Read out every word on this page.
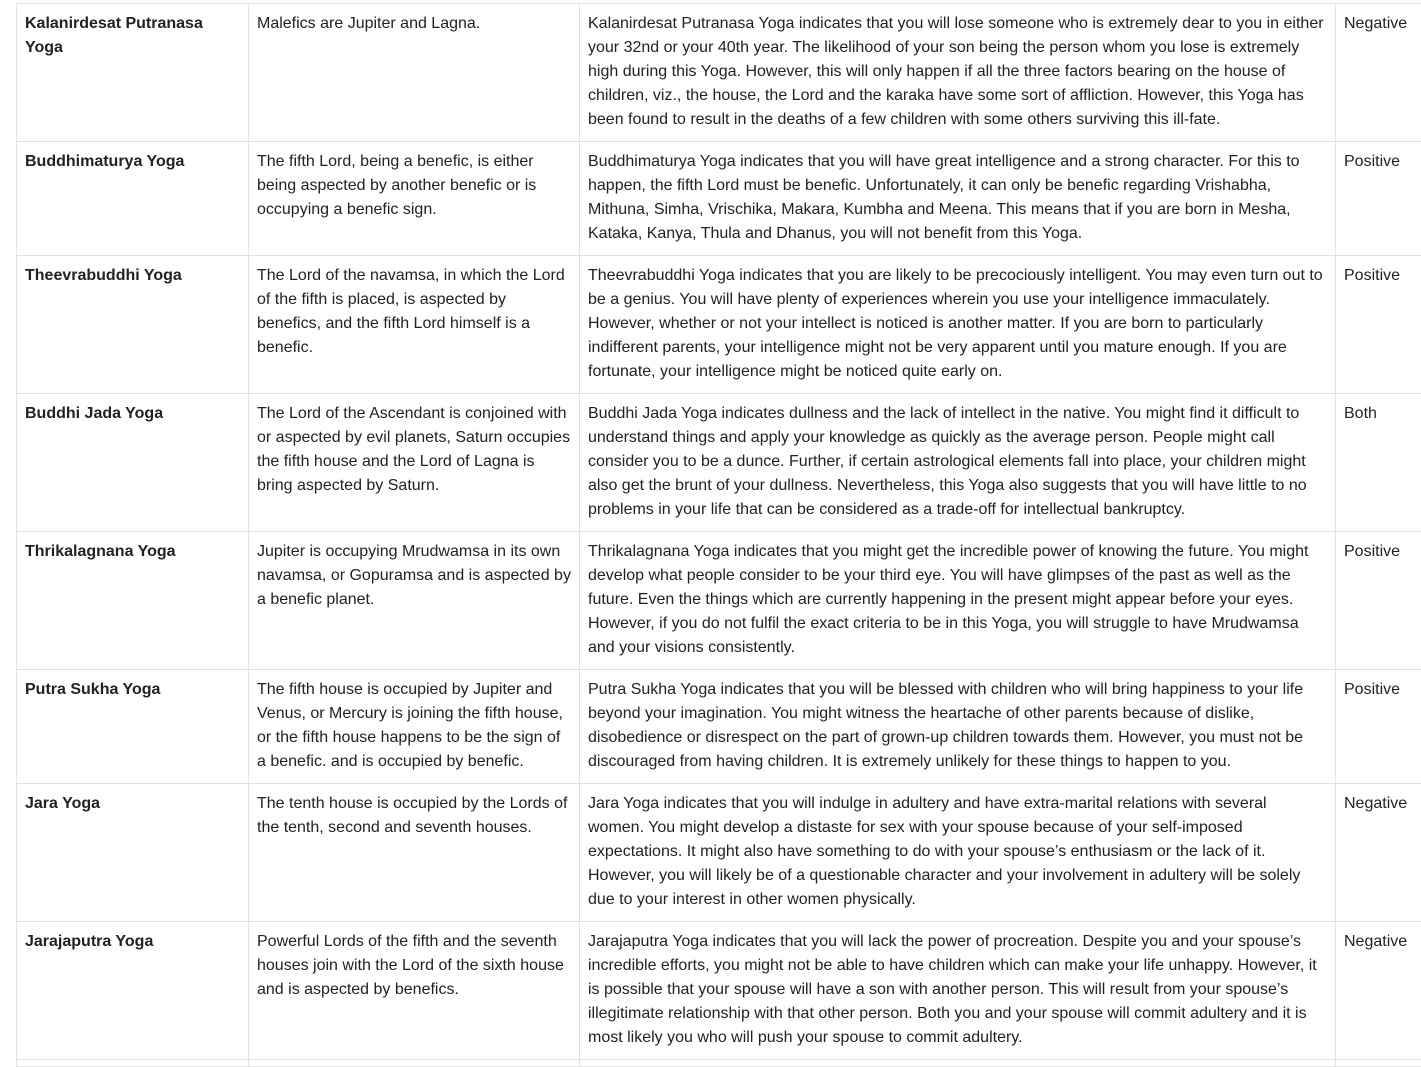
Kalanirdesat Putranasa Yoga	Malefics are Jupiter and Lagna.	Kalanirdesat Putranasa Yoga indicates that you will lose someone who is extremely dear to you in either your 32nd or your 40th year. The likelihood of your son being the person whom you lose is extremely high during this Yoga. However, this will only happen if all the three factors bearing on the house of children, viz., the house, the Lord and the karaka have some sort of affliction. However, this Yoga has been found to result in the deaths of a few children with some others surviving this ill-fate.	Negative
Buddhimaturya Yoga	The fifth Lord, being a benefic, is either being aspected by another benefic or is occupying a benefic sign.	Buddhimaturya Yoga indicates that you will have great intelligence and a strong character. For this to happen, the fifth Lord must be benefic. Unfortunately, it can only be benefic regarding Vrishabha, Mithuna, Simha, Vrischika, Makara, Kumbha and Meena. This means that if you are born in Mesha, Kataka, Kanya, Thula and Dhanus, you will not benefit from this Yoga.	Positive
Theevrabuddhi Yoga	The Lord of the navamsa, in which the Lord of the fifth is placed, is aspected by benefics, and the fifth Lord himself is a benefic.	Theevrabuddhi Yoga indicates that you are likely to be precociously intelligent. You may even turn out to be a genius. You will have plenty of experiences wherein you use your intelligence immaculately. However, whether or not your intellect is noticed is another matter. If you are born to particularly indifferent parents, your intelligence might not be very apparent until you mature enough. If you are fortunate, your intelligence might be noticed quite early on.	Positive
Buddhi Jada Yoga	The Lord of the Ascendant is conjoined with or aspected by evil planets, Saturn occupies the fifth house and the Lord of Lagna is bring aspected by Saturn.	Buddhi Jada Yoga indicates dullness and the lack of intellect in the native. You might find it difficult to understand things and apply your knowledge as quickly as the average person. People might call consider you to be a dunce. Further, if certain astrological elements fall into place, your children might also get the brunt of your dullness. Nevertheless, this Yoga also suggests that you will have little to no problems in your life that can be considered as a trade-off for intellectual bankruptcy.	Both
Thrikalagnana Yoga	Jupiter is occupying Mrudwamsa in its own navamsa, or Gopuramsa and is aspected by a benefic planet.	Thrikalagnana Yoga indicates that you might get the incredible power of knowing the future. You might develop what people consider to be your third eye. You will have glimpses of the past as well as the future. Even the things which are currently happening in the present might appear before your eyes. However, if you do not fulfil the exact criteria to be in this Yoga, you will struggle to have Mrudwamsa and your visions consistently.	Positive
Putra Sukha Yoga	The fifth house is occupied by Jupiter and Venus, or Mercury is joining the fifth house, or the fifth house happens to be the sign of a benefic. and is occupied by benefic.	Putra Sukha Yoga indicates that you will be blessed with children who will bring happiness to your life beyond your imagination. You might witness the heartache of other parents because of dislike, disobedience or disrespect on the part of grown-up children towards them. However, you must not be discouraged from having children. It is extremely unlikely for these things to happen to you.	Positive
Jara Yoga	The tenth house is occupied by the Lords of the tenth, second and seventh houses.	Jara Yoga indicates that you will indulge in adultery and have extra-marital relations with several women. You might develop a distaste for sex with your spouse because of your self-imposed expectations. It might also have something to do with your spouse’s enthusiasm or the lack of it. However, you will likely be of a questionable character and your involvement in adultery will be solely due to your interest in other women physically.	Negative
Jarajaputra Yoga	Powerful Lords of the fifth and the seventh houses join with the Lord of the sixth house and is aspected by benefics.	Jarajaputra Yoga indicates that you will lack the power of procreation. Despite you and your spouse’s incredible efforts, you might not be able to have children which can make your life unhappy. However, it is possible that your spouse will have a son with another person. This will result from your spouse’s illegitimate relationship with that other person. Both you and your spouse will commit adultery and it is most likely you who will push your spouse to commit adultery.	Negative
